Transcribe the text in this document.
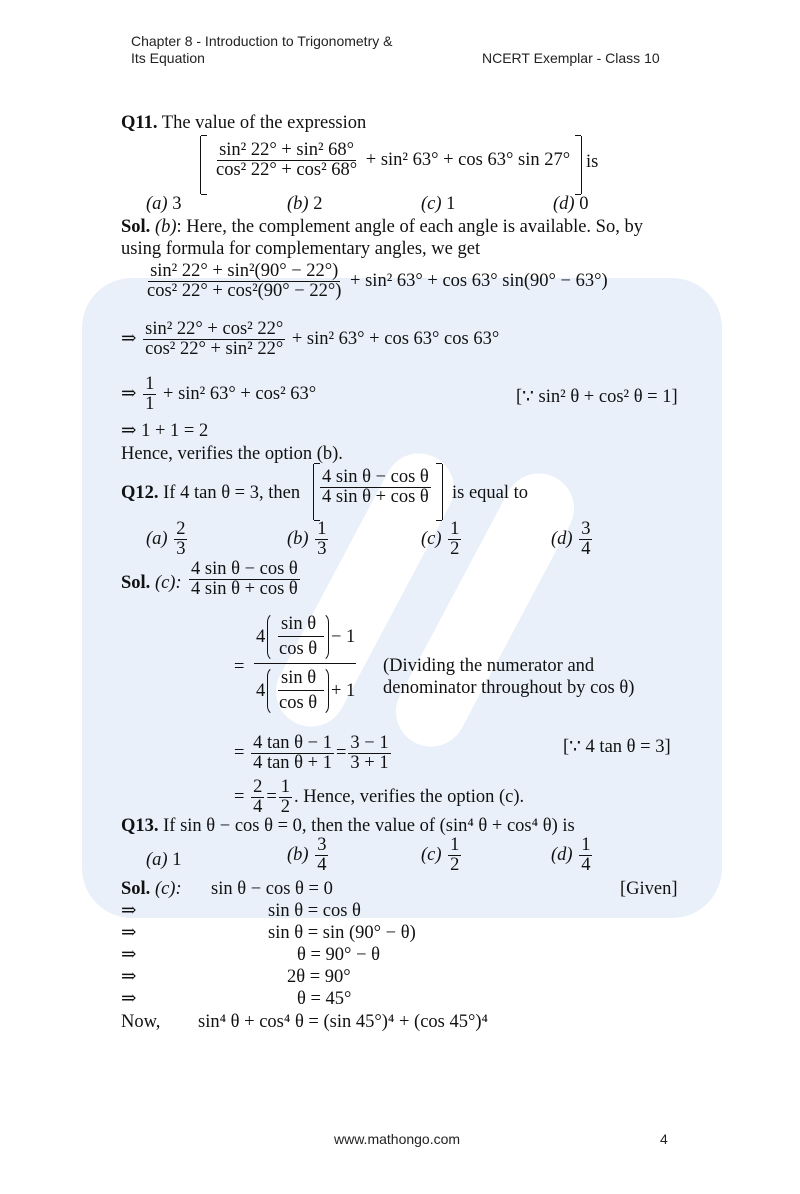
Chapter 8 - Introduction to Trigonometry &
Its Equation	NCERT Exemplar - Class 10
Q11. The value of the expression
$\frac{\text{sin² 22° + sin² 68°}}{\text{cos² 22° + cos² 68°}} + \sin^2$ 63° + cos 63° sin 27° is
(a) 3	(b) 2	(c) 1	(d) 0
Sol. (b): Here, the complement angle of each angle is available. So, by
using formula for complementary angles, we get
$\frac{\text{sin² 22° + sin²(90° − 22°)}}{\text{cos² 22° + cos²(90° − 22°)}} + \sin^2$ 63° + cos 63° sin(90° − 63°)
⇒ $\frac{\text{sin² 22° + cos² 22°}}{\text{cos² 22° + sin² 22°}} + \sin^2$ 63° + cos 63° cos 63°
⇒ $\frac{1}{1} + \sin^2$ 63° + cos² 63°	[∵ sin² θ + cos² θ = 1]
⇒ 1 + 1 = 2
Hence, verifies the option (b).
Q12. If 4 tan θ = 3, then $\frac{\text{4 sin θ − cos θ}}{\text{4 sin θ + cos θ}}$ is equal to
$(a) \frac{2}{3}$	$(b) \frac{1}{3}$	$(c) \frac{1}{2}$	$(d) \frac{3}{4}$
Sol. (c): $\frac{\text{4 sin θ − cos θ}}{\text{4 sin θ + cos θ}}$
=
4
sin θ
cos θ
− 1
4
sin θ
cos θ
+ 1
(Dividing the numerator and
denominator throughout by cos θ)
= $\frac{\text{4 tan θ − 1}}{\text{4 tan θ + 1}} = \frac{3 - 1}{3 + 1}$	[∵ 4 tan θ = 3]
= $\frac{2}{4} = \frac{1}{2}$ . Hence, verifies the option (c).
Q13. If sin θ − cos θ = 0, then the value of (sin⁴ θ + cos⁴ θ) is
(a) 1	$(b) \frac{3}{4}$	$(c) \frac{1}{2}$	$(d) \frac{1}{4}$
Sol. (c): sin θ − cos θ = 0	[Given]
⇒	sin θ = cos θ
⇒	sin θ = sin (90° − θ)
⇒	θ = 90° − θ
⇒	2θ = 90°
⇒	θ = 45°
Now, sin⁴ θ + cos⁴ θ = (sin 45°)⁴ + (cos 45°)⁴
www.mathongo.com	4
